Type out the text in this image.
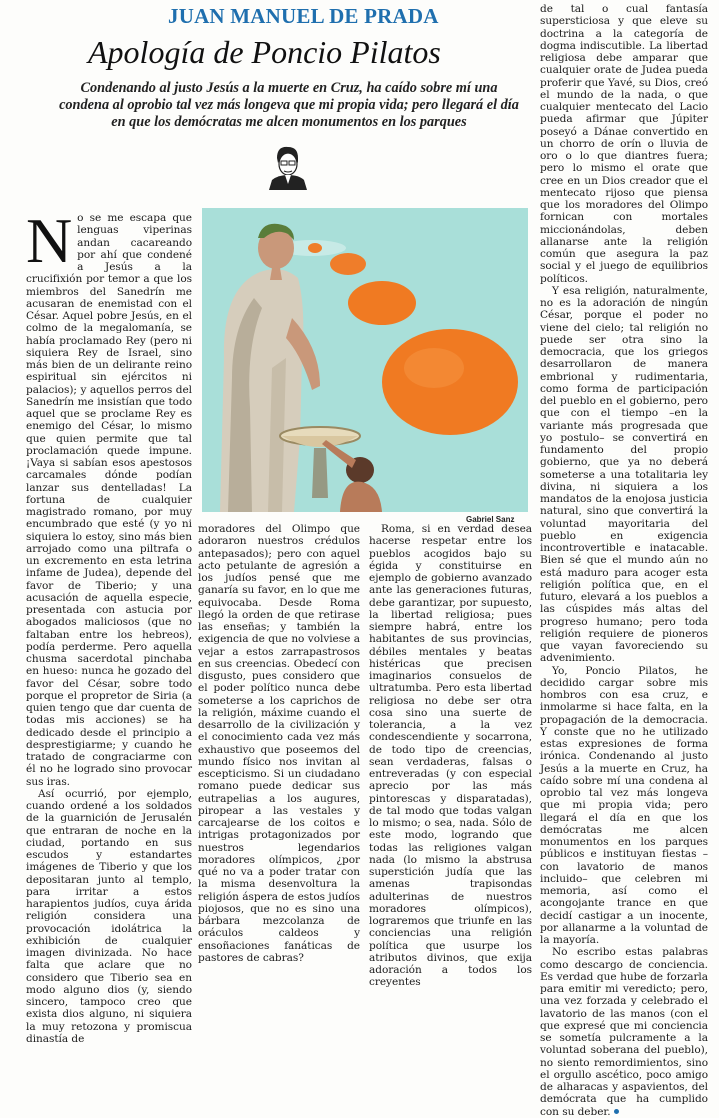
JUAN MANUEL DE PRADA
Apología de Poncio Pilatos
Condenando al justo Jesús a la muerte en Cruz, ha caído sobre mí una condena al oprobio tal vez más longeva que mi propia vida; pero llegará el día en que los demócratas me alcen monumentos en los parques

No se me escapa que lenguas viperinas andan cacareando por ahí que condené a Jesús a la crucifixión por temor a que los miembros del Sanedrín me acusaran de enemistad con el César. Aquel pobre Jesús, en el colmo de la megalomanía, se había proclamado Rey (pero ni siquiera Rey de Israel, sino más bien de un delirante reino espiritual sin ejércitos ni palacios); y aquellos perros del Sanedrín me insistían que todo aquel que se proclame Rey es enemigo del César, lo mismo que quien permite que tal proclamación quede impune. ¡Vaya si sabían esos apestosos carcamales dónde podían lanzar sus dentelladas! La fortuna de cualquier magistrado romano, por muy encumbrado que esté (y yo ni siquiera lo estoy, sino más bien arrojado como una piltrafa o un excremento en esta letrina infame de Judea), depende del favor de Tiberio; y una acusación de aquella especie, presentada con astucia por abogados maliciosos (que no faltaban entre los hebreos), podía perderme. Pero aquella chusma sacerdotal pinchaba en hueso: nunca he gozado del favor del César, sobre todo porque el propretor de Siria (a quien tengo que dar cuenta de todas mis acciones) se ha dedicado desde el principio a desprestigiarme; y cuando he tratado de congraciarme con él no he logrado sino provocar sus iras.

Así ocurrió, por ejemplo, cuando ordené a los soldados de la guarnición de Jerusalén que entraran de noche en la ciudad, portando en sus escudos y estandartes imágenes de Tiberio y que los depositaran junto al templo, para irritar a estos harapientos judíos, cuya árida religión considera una provocación idolátrica la exhibición de cualquier imagen divinizada. No hace falta que aclare que no considero que Tiberio sea en modo alguno dios (y, siendo sincero, tampoco creo que exista dios alguno, ni siquiera la muy retozona y promiscua dinastía de

Gabriel Sanz

moradores del Olimpo que adoraron nuestros crédulos antepasados); pero con aquel acto petulante de agresión a los judíos pensé que me ganaría su favor, en lo que me equivocaba. Desde Roma llegó la orden de que retirase las enseñas; y también la exigencia de que no volviese a vejar a estos zarrapastrosos en sus creencias. Obedecí con disgusto, pues considero que el poder político nunca debe someterse a los caprichos de la religión, máxime cuando el desarrollo de la civilización y el conocimiento cada vez más exhaustivo que poseemos del mundo físico nos invitan al escepticismo. Si un ciudadano romano puede dedicar sus eutrapelias a los augures, piropear a las vestales y carcajearse de los coitos e intrigas protagonizados por nuestros legendarios moradores olímpicos, ¿por qué no va a poder tratar con la misma desenvoltura la religión áspera de estos judíos piojosos, que no es sino una bárbara mezcolanza de oráculos caldeos y ensoñaciones fanáticas de pastores de cabras?

Roma, si en verdad desea hacerse respetar entre los pueblos acogidos bajo su égida y constituirse en ejemplo de gobierno avanzado ante las generaciones futuras, debe garantizar, por supuesto, la libertad religiosa; pues siempre habrá, entre los habitantes de sus provincias, débiles mentales y beatas histéricas que precisen imaginarios consuelos de ultratumba. Pero esta libertad religiosa no debe ser otra cosa sino una suerte de tolerancia, a la vez condescendiente y socarrona, de todo tipo de creencias, sean verdaderas, falsas o entreveradas (y con especial aprecio por las más pintorescas y disparatadas), de tal modo que todas valgan lo mismo; o sea, nada. Sólo de este modo, logrando que todas las religiones valgan nada (lo mismo la abstrusa superstición judía que las amenas trapisondas adulterinas de nuestros moradores olímpicos), lograremos que triunfe en las conciencias una religión política que usurpe los atributos divinos, que exija adoración a todos los creyentes

de tal o cual fantasía supersticiosa y que eleve su doctrina a la categoría de dogma indiscutible. La libertad religiosa debe amparar que cualquier orate de Judea pueda proferir que Yavé, su Dios, creó el mundo de la nada, o que cualquier mentecato del Lacio pueda afirmar que Júpiter poseyó a Dánae convertido en un chorro de orín o lluvia de oro o lo que diantres fuera; pero lo mismo el orate que cree en un Dios creador que el mentecato rijoso que piensa que los moradores del Olimpo fornican con mortales miccionándolas, deben allanarse ante la religión común que asegura la paz social y el juego de equilibrios políticos.

Y esa religión, naturalmente, no es la adoración de ningún César, porque el poder no viene del cielo; tal religión no puede ser otra sino la democracia, que los griegos desarrollaron de manera embrional y rudimentaria, como forma de participación del pueblo en el gobierno, pero que con el tiempo –en la variante más progresada que yo postulo– se convertirá en fundamento del propio gobierno, que ya no deberá someterse a una totalitaria ley divina, ni siquiera a los mandatos de la enojosa justicia natural, sino que convertirá la voluntad mayoritaria del pueblo en exigencia incontrovertible e inatacable. Bien sé que el mundo aún no está maduro para acoger esta religión política que, en el futuro, elevará a los pueblos a las cúspides más altas del progreso humano; pero toda religión requiere de pioneros que vayan favoreciendo su advenimiento.

Yo, Poncio Pilatos, he decidido cargar sobre mis hombros con esa cruz, e inmolarme si hace falta, en la propagación de la democracia. Y conste que no he utilizado estas expresiones de forma irónica. Condenando al justo Jesús a la muerte en Cruz, ha caído sobre mí una condena al oprobio tal vez más longeva que mi propia vida; pero llegará el día en que los demócratas me alcen monumentos en los parques públicos e instituyan fiestas –con lavatorio de manos incluido– que celebren mi memoria, así como el acongojante trance en que decidí castigar a un inocente, por allanarme a la voluntad de la mayoría.

No escribo estas palabras como descargo de conciencia. Es verdad que hube de forzarla para emitir mi veredicto; pero, una vez forzada y celebrado el lavatorio de las manos (con el que expresé que mi conciencia se sometía pulcramente a la voluntad soberana del pueblo), no siento remordimientos, sino el orgullo ascético, poco amigo de alharacas y aspavientos, del demócrata que ha cumplido con su deber.
